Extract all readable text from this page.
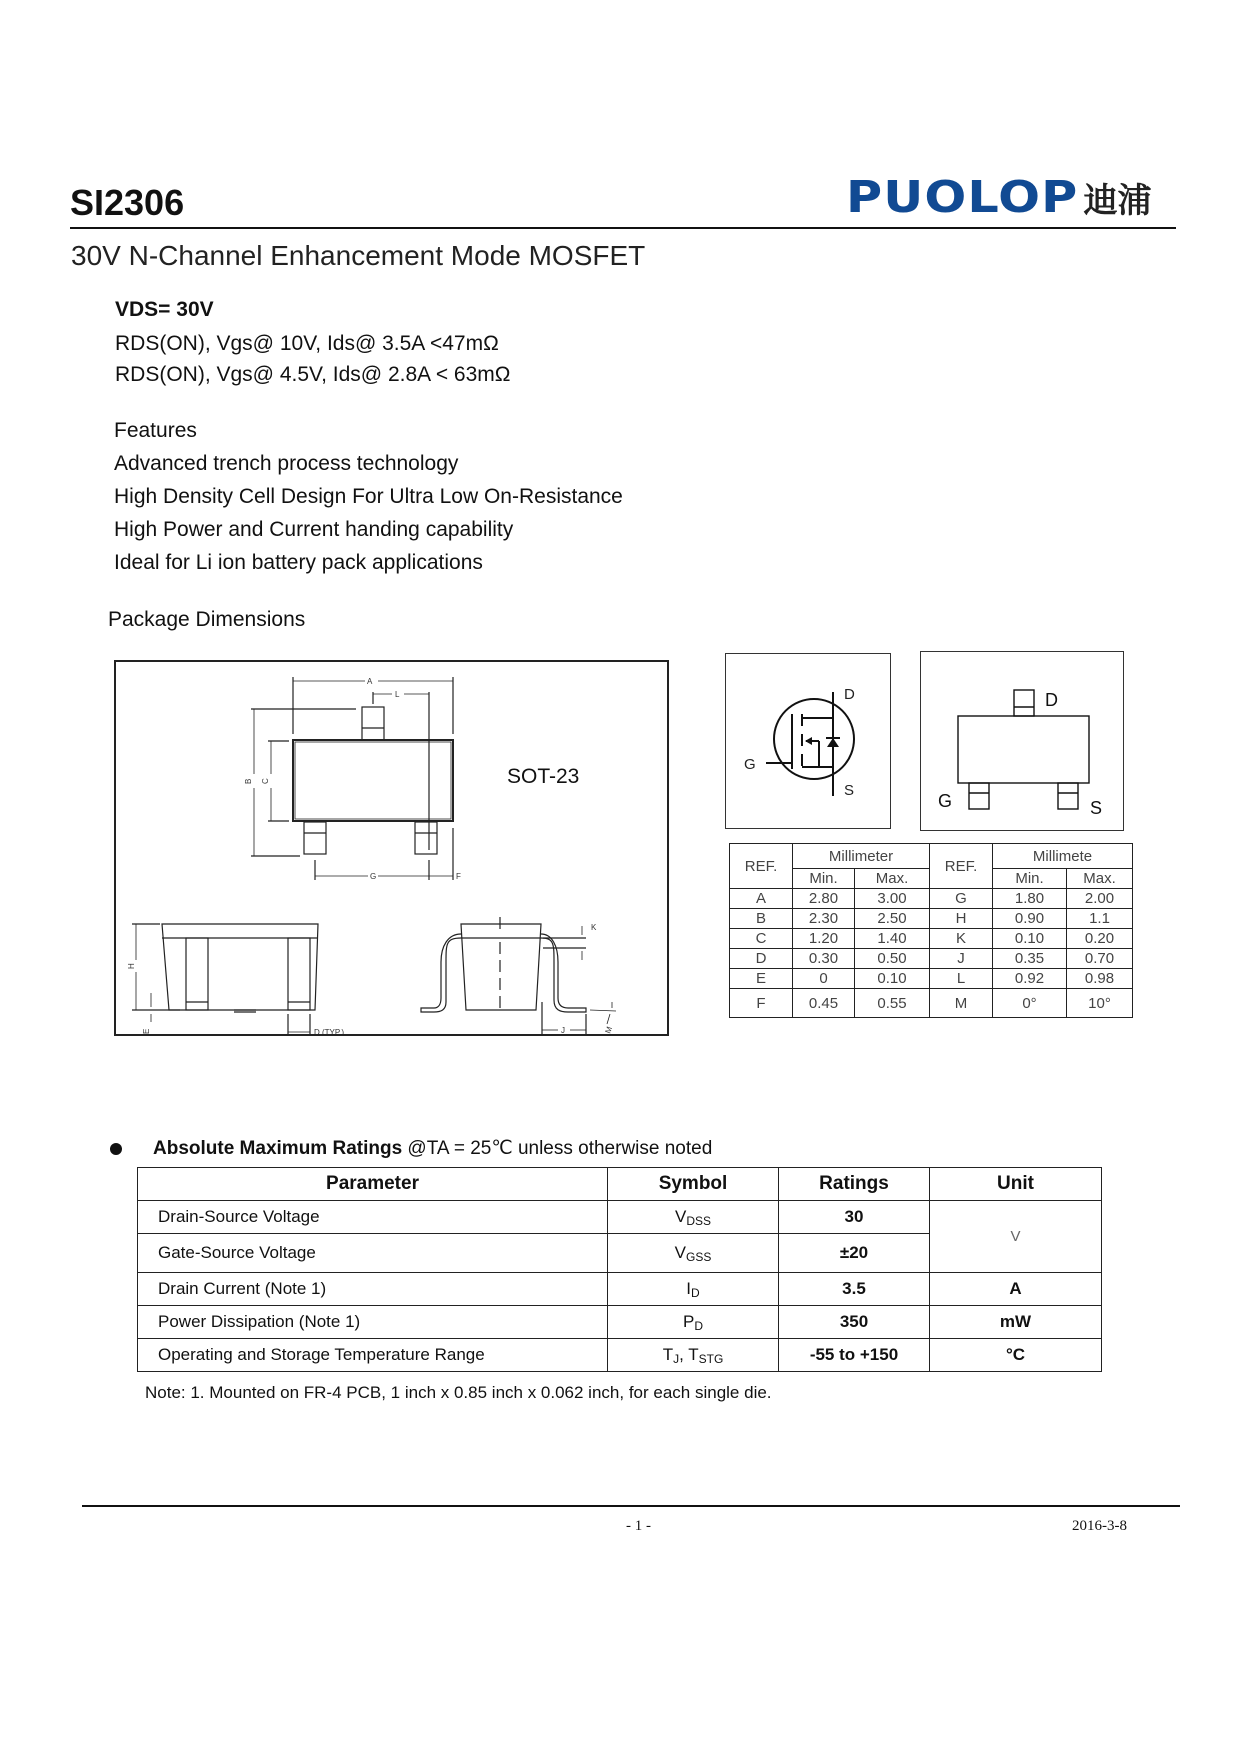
SI2306	PUOLOP 迪浦
30V N-Channel Enhancement Mode MOSFET
VDS= 30V
RDS(ON), Vgs@ 10V, Ids@ 3.5A <47mΩ
RDS(ON), Vgs@ 4.5V, Ids@ 2.8A < 63mΩ
Features
Advanced trench process technology
High Density Cell Design For Ultra Low On-Resistance
High Power and Current handing capability
Ideal for Li ion battery pack applications
Package Dimensions
A
L
B C
G	F
H
E	D (TYP.)
K
J	M
SOT-23
D
G
S
D
G	S
REF.	Millimeter		REF.	Millimete	
	Min.	Max.		Min.	Max.
A	2.80	3.00	G	1.80	2.00
B	2.30	2.50	H	0.90	1.1
C	1.20	1.40	K	0.10	0.20
D	0.30	0.50	J	0.35	0.70
E	0	0.10	L	0.92	0.98
F	0.45	0.55	M	0°	10°
Absolute Maximum Ratings @TA = 25℃ unless otherwise noted
Parameter	Symbol	Ratings	Unit
Drain-Source Voltage	$V_{DSS}$	30	V
Gate-Source Voltage	$V_{GSS}$	±20	
Drain Current (Note 1)	$I_D$	3.5	A
Power Dissipation (Note 1)	$P_D$	350	mW
Operating and Storage Temperature Range	$T_J$, $T_{STG}$	-55 to +150	°C
Note: 1. Mounted on FR-4 PCB, 1 inch x 0.85 inch x 0.062 inch, for each single die.
- 1 -	2016-3-8
